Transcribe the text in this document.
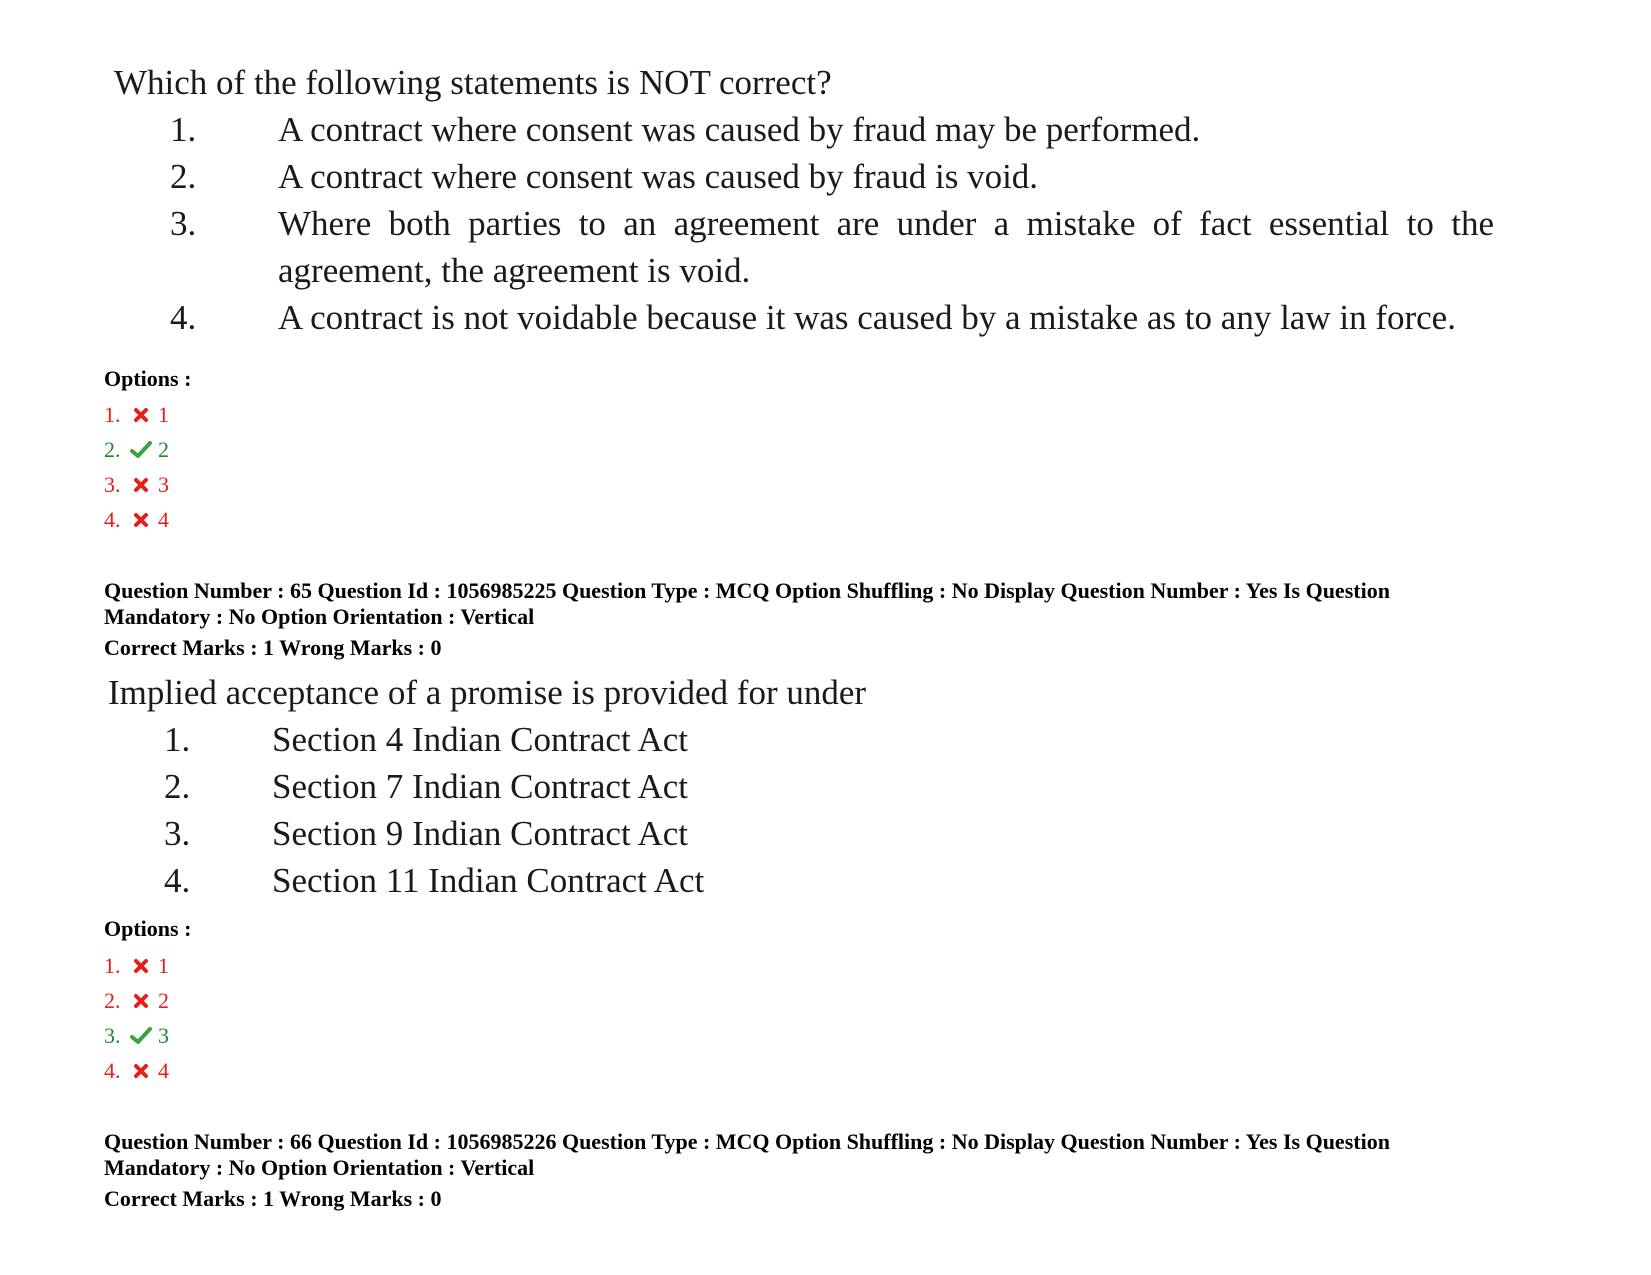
Which of the following statements is NOT correct?
1. A contract where consent was caused by fraud may be performed.
2. A contract where consent was caused by fraud is void.
3. Where both parties to an agreement are under a mistake of fact essential to the agreement, the agreement is void.
4. A contract is not voidable because it was caused by a mistake as to any law in force.
Options :
1.	1
2.	2
3.	3
4.	4
Question Number : 65 Question Id : 1056985225 Question Type : MCQ Option Shuffling : No Display Question Number : Yes Is Question
Mandatory : No Option Orientation : Vertical
Correct Marks : 1 Wrong Marks : 0
Implied acceptance of a promise is provided for under
1. Section 4 Indian Contract Act
2. Section 7 Indian Contract Act
3. Section 9 Indian Contract Act
4. Section 11 Indian Contract Act
Options :
1.	1
2.	2
3.	3
4.	4
Question Number : 66 Question Id : 1056985226 Question Type : MCQ Option Shuffling : No Display Question Number : Yes Is Question
Mandatory : No Option Orientation : Vertical
Correct Marks : 1 Wrong Marks : 0
